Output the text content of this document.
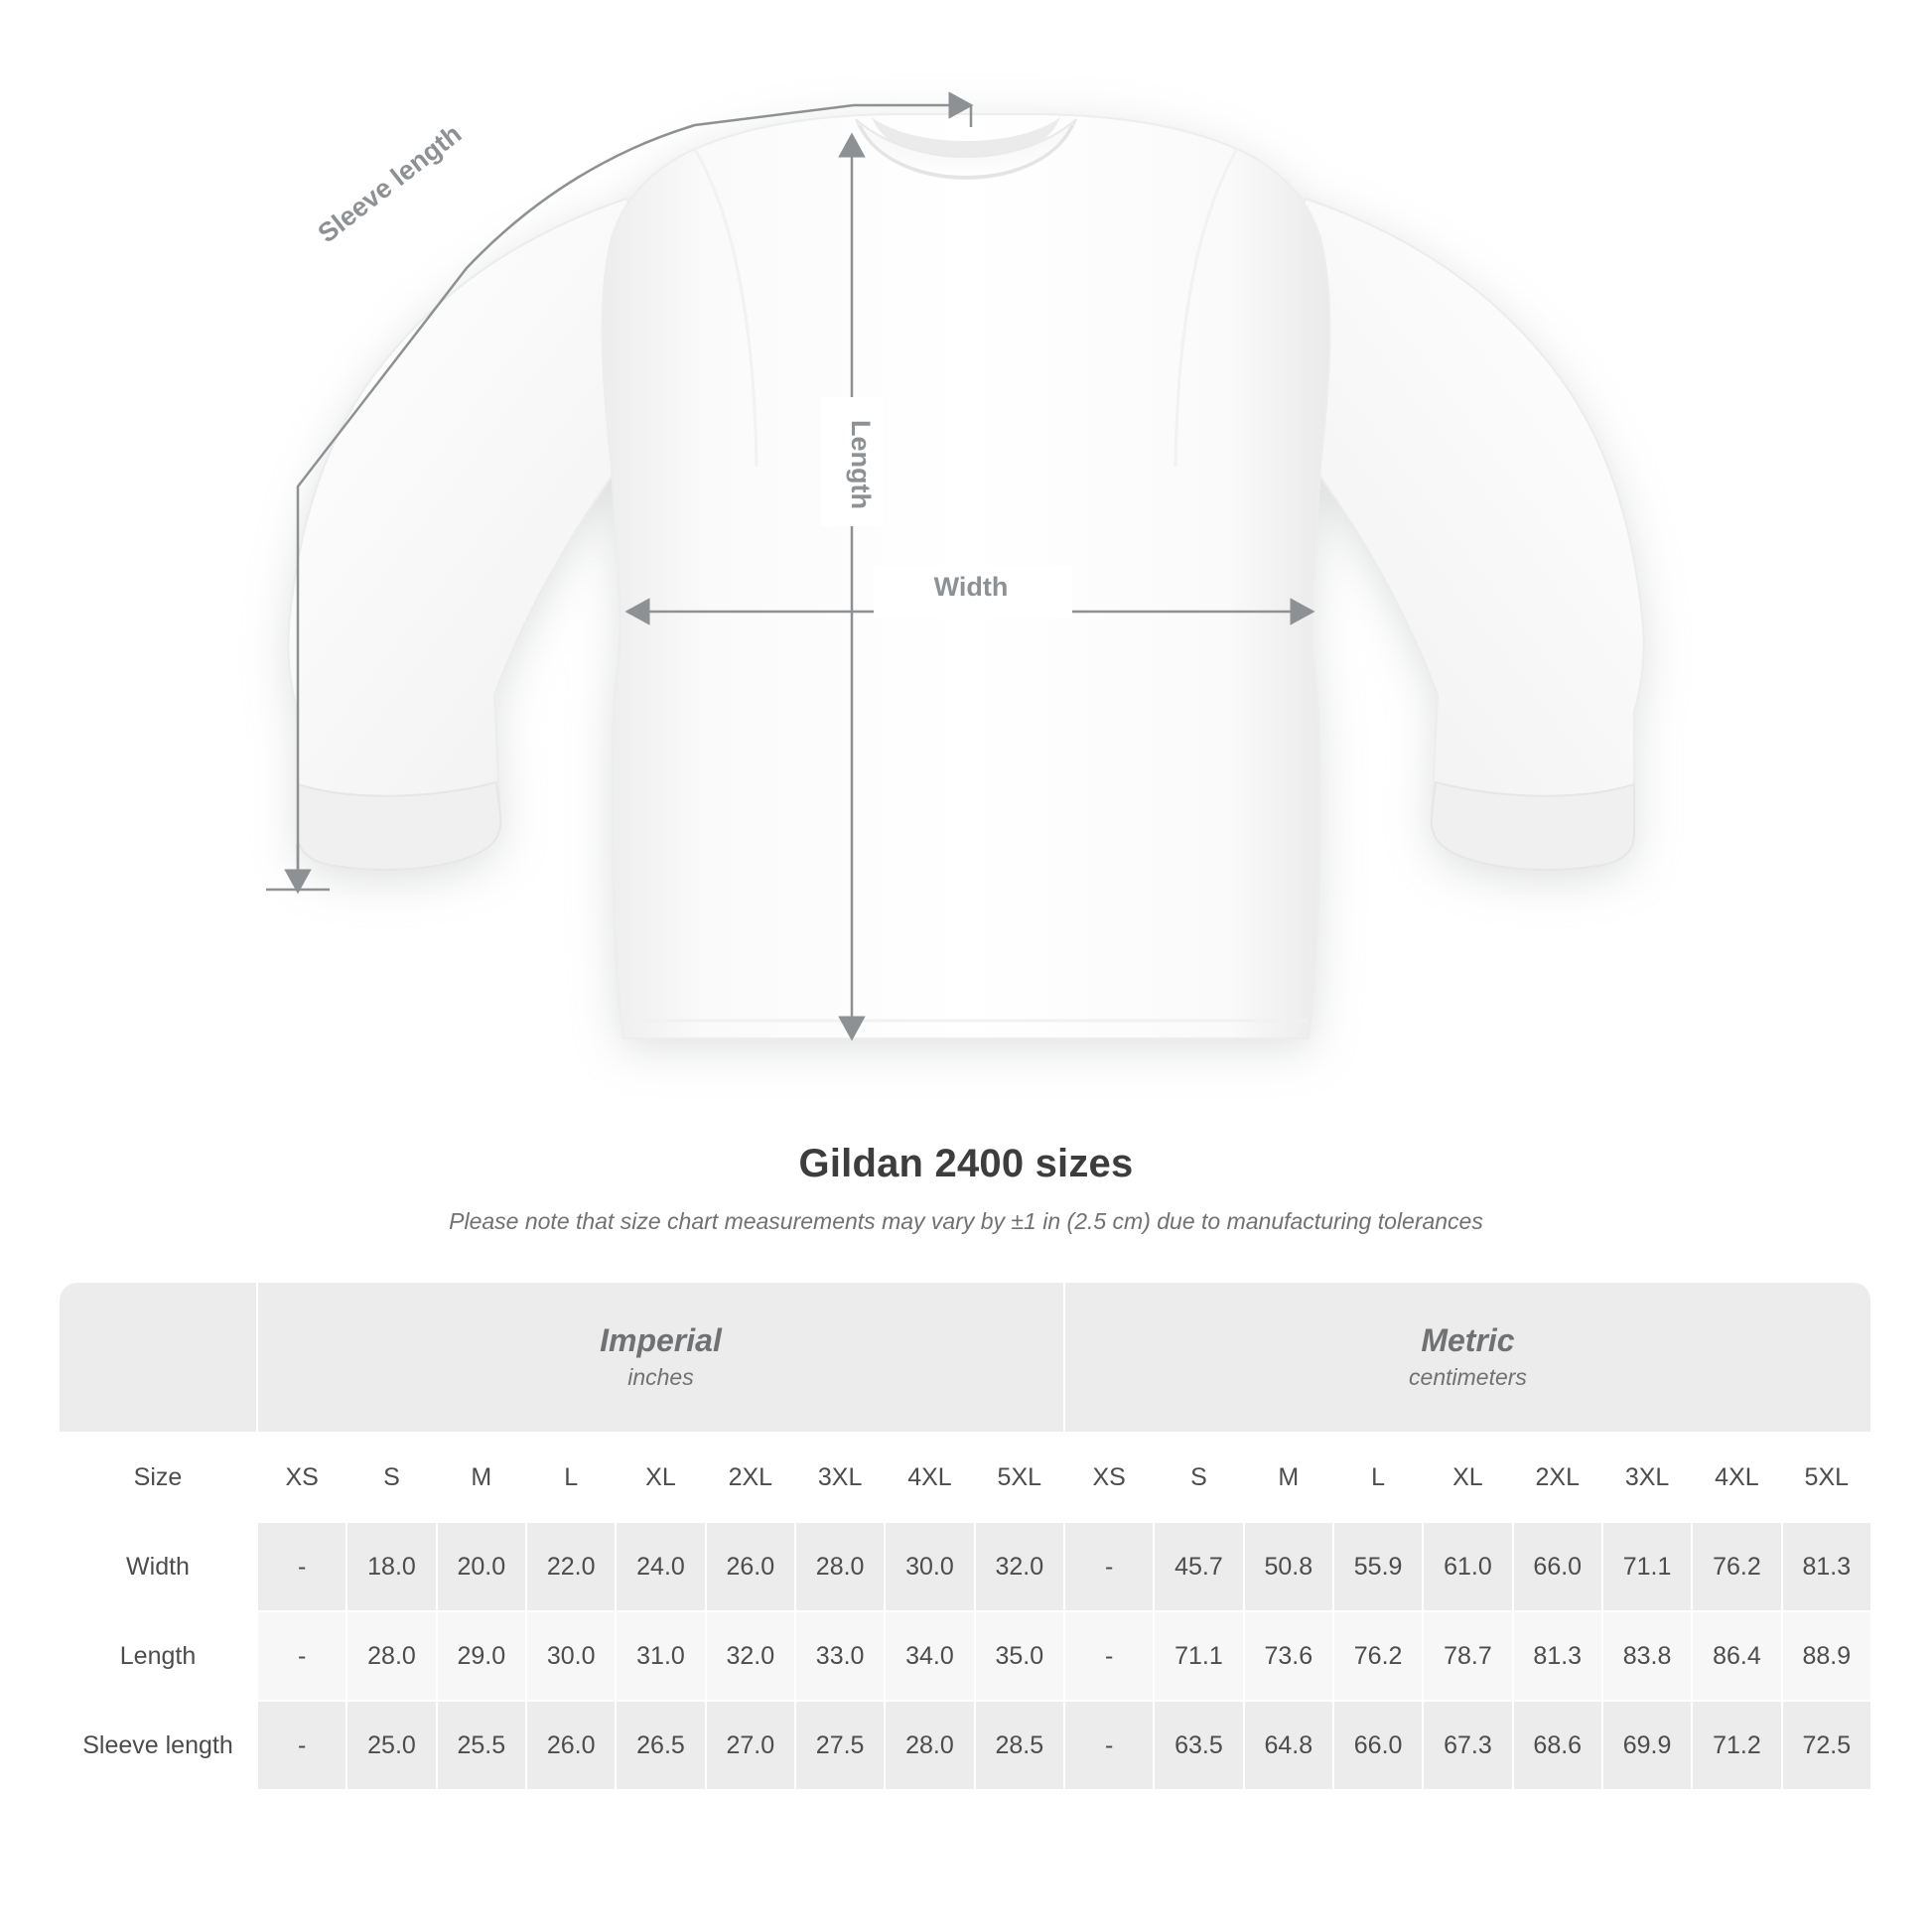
Sleeve length
Length
Width
Gildan 2400 sizes

Please note that size chart measurements may vary by ±1 in (2.5 cm) due to manufacturing tolerances

Imperial
inches

Metric
centimeters

Size	XS	S	M	L	XL	2XL	3XL	4XL	5XL	XS	S	M	L	XL	2XL	3XL	4XL	5XL
Width	-	18.0	20.0	22.0	24.0	26.0	28.0	30.0	32.0	-	45.7	50.8	55.9	61.0	66.0	71.1	76.2	81.3
Length	-	28.0	29.0	30.0	31.0	32.0	33.0	34.0	35.0	-	71.1	73.6	76.2	78.7	81.3	83.8	86.4	88.9
Sleeve length	-	25.0	25.5	26.0	26.5	27.0	27.5	28.0	28.5	-	63.5	64.8	66.0	67.3	68.6	69.9	71.2	72.5
